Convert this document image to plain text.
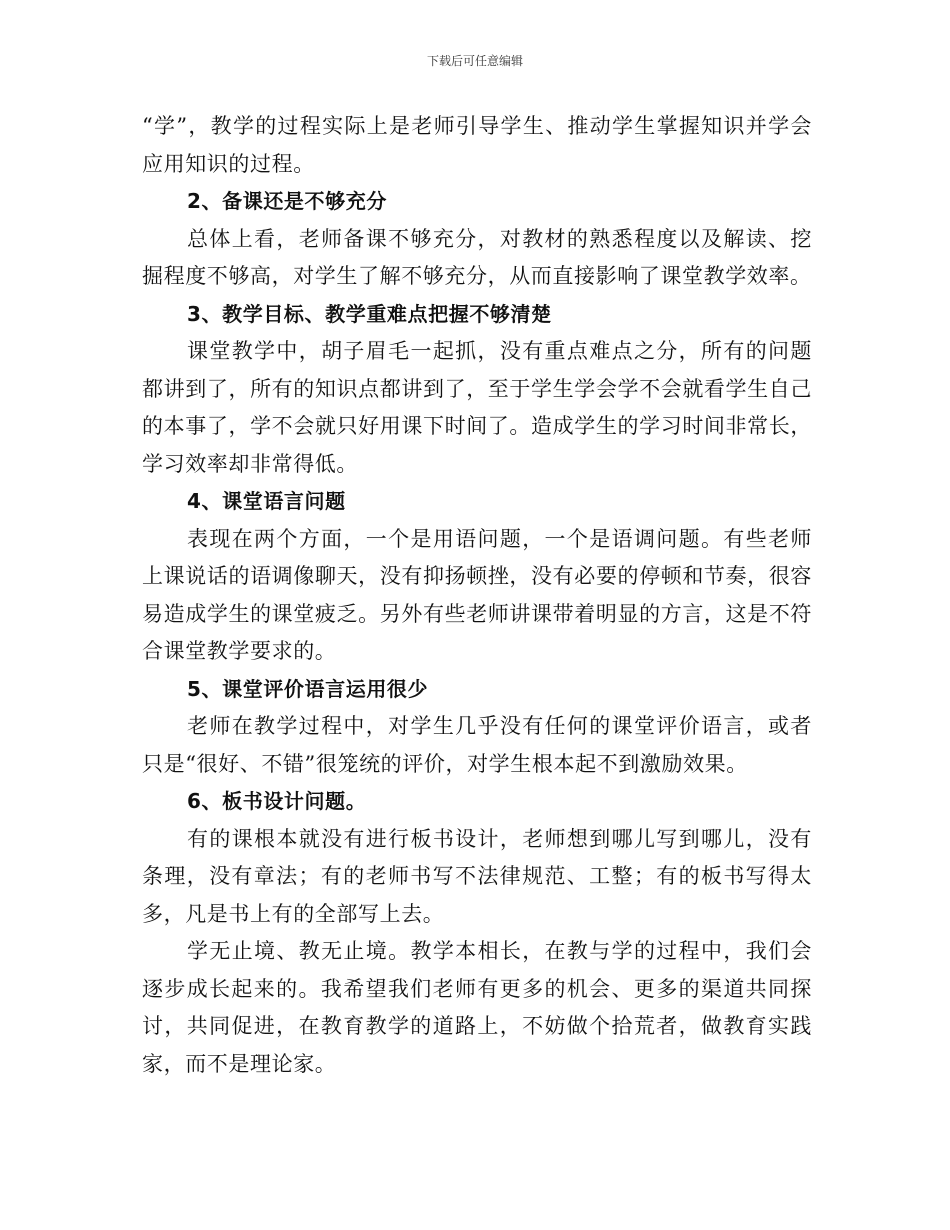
下载后可任意编辑

“学”，教学的过程实际上是老师引导学生、推动学生掌握知识并学会应用知识的过程。

2、备课还是不够充分

总体上看，老师备课不够充分，对教材的熟悉程度以及解读、挖掘程度不够高，对学生了解不够充分，从而直接影响了课堂教学效率。

3、教学目标、教学重难点把握不够清楚

课堂教学中，胡子眉毛一起抓，没有重点难点之分，所有的问题都讲到了，所有的知识点都讲到了，至于学生学会学不会就看学生自己的本事了，学不会就只好用课下时间了。造成学生的学习时间非常长，学习效率却非常得低。

4、课堂语言问题

表现在两个方面，一个是用语问题，一个是语调问题。有些老师上课说话的语调像聊天，没有抑扬顿挫，没有必要的停顿和节奏，很容易造成学生的课堂疲乏。另外有些老师讲课带着明显的方言，这是不符合课堂教学要求的。

5、课堂评价语言运用很少

老师在教学过程中，对学生几乎没有任何的课堂评价语言，或者只是“很好、不错”很笼统的评价，对学生根本起不到激励效果。

6、板书设计问题。

有的课根本就没有进行板书设计，老师想到哪儿写到哪儿，没有条理，没有章法；有的老师书写不法律规范、工整；有的板书写得太多，凡是书上有的全部写上去。

学无止境、教无止境。教学本相长，在教与学的过程中，我们会逐步成长起来的。我希望我们老师有更多的机会、更多的渠道共同探讨，共同促进，在教育教学的道路上，不妨做个拾荒者，做教育实践家，而不是理论家。
